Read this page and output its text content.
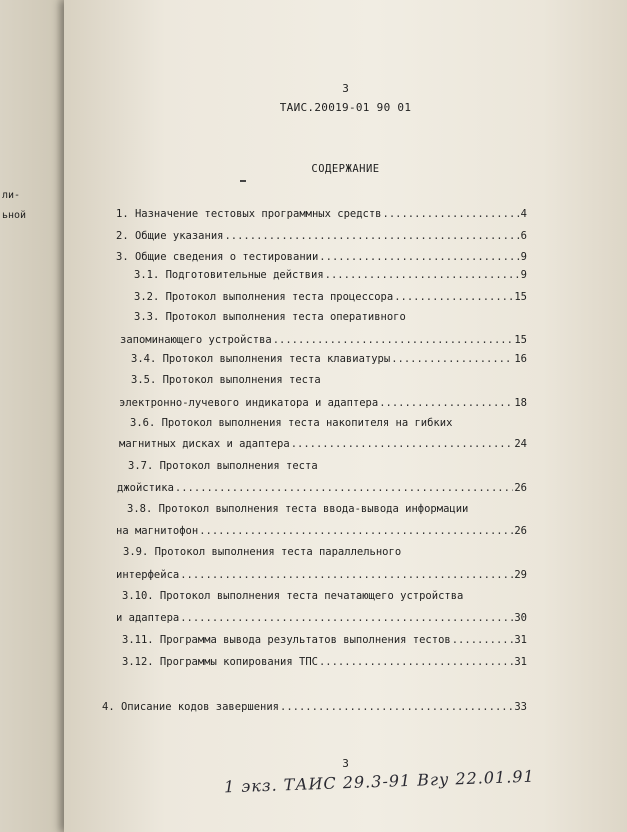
ли-
ьной
3
ТАИС.20019-01 90 01
СОДЕРЖАНИЕ
1. Назначение тестовых программных средств .....	4
2. Общие указания .....	6
3. Общие сведения о тестировании .....	9
3.1. Подготовительные действия .....	9
3.2. Протокол выполнения теста процессора .....	15
3.3. Протокол выполнения теста оперативного
запоминающего устройства .....	15
3.4. Протокол выполнения теста клавиатуры .....	16
3.5. Протокол выполнения теста
электронно-лучевого индикатора и адаптера .....	18
3.6. Протокол выполнения теста накопителя на гибких
магнитных дисках и адаптера .....	24
3.7. Протокол выполнения теста
джойстика .....	26
3.8. Протокол выполнения теста ввода-вывода информации
на магнитофон .....	26
3.9. Протокол выполнения теста параллельного
интерфейса .....	29
3.10. Протокол выполнения теста печатающего устройства
и адаптера .....	30
3.11. Программа вывода результатов выполнения тестов .....	31
3.12. Программы копирования ТПС .....	31
4. Описание кодов завершения .....	33
3
1 экз. ТАИС 29.3-91 Вгу 22.01.91
